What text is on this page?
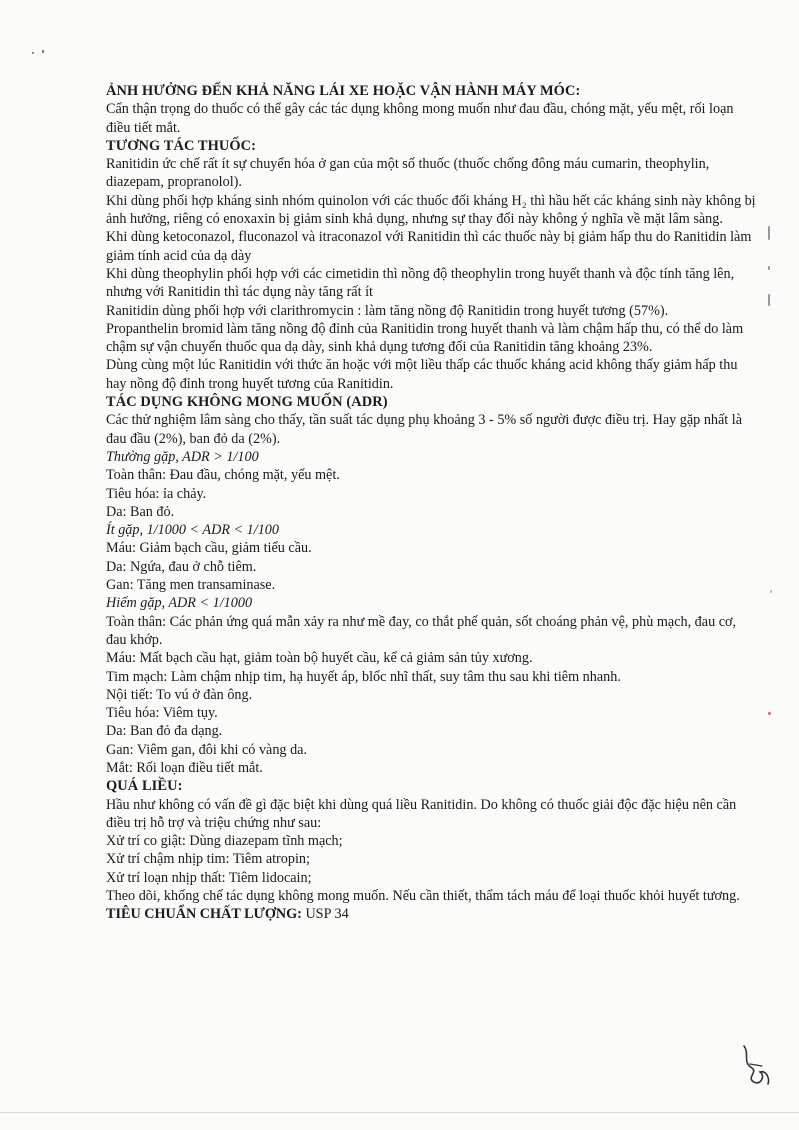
ẢNH HƯỞNG ĐẾN KHẢ NĂNG LÁI XE HOẶC VẬN HÀNH MÁY MÓC:

Cẩn thận trọng do thuốc có thể gây các tác dụng không mong muốn như đau đầu, chóng mặt, yếu mệt, rối loạn điều tiết mắt.

TƯƠNG TÁC THUỐC:

Ranitidin ức chế rất ít sự chuyển hóa ở gan của một số thuốc (thuốc chống đông máu cumarin, theophylin, diazepam, propranolol).

Khi dùng phối hợp kháng sinh nhóm quinolon với các thuốc đối kháng H₂ thì hầu hết các kháng sinh này không bị ảnh hưởng, riêng có enoxaxin bị giảm sinh khả dụng, nhưng sự thay đổi này không ý nghĩa về mặt lâm sàng.

Khi dùng ketoconazol, fluconazol và itraconazol với Ranitidin thì các thuốc này bị giảm hấp thu do Ranitidin làm giảm tính acid của dạ dày

Khi dùng theophylin phối hợp với các cimetidin thì nồng độ theophylin trong huyết thanh và độc tính tăng lên, nhưng với Ranitidin thì tác dụng này tăng rất ít

Ranitidin dùng phối hợp với clarithromycin : làm tăng nồng độ Ranitidin trong huyết tương (57%).

Propanthelin bromid làm tăng nồng độ đỉnh của Ranitidin trong huyết thanh và làm chậm hấp thu, có thể do làm chậm sự vận chuyển thuốc qua dạ dày, sinh khả dụng tương đối của Ranitidin tăng khoảng 23%.

Dùng cùng một lúc Ranitidin với thức ăn hoặc với một liều thấp các thuốc kháng acid không thấy giảm hấp thu hay nồng độ đỉnh trong huyết tương của Ranitidin.

TÁC DỤNG KHÔNG MONG MUỐN (ADR)

Các thử nghiệm lâm sàng cho thấy, tần suất tác dụng phụ khoảng 3 - 5% số người được điều trị. Hay gặp nhất là đau đầu (2%), ban đỏ da (2%).

Thường gặp, ADR > 1/100

Toàn thân: Đau đầu, chóng mặt, yếu mệt.

Tiêu hóa: ỉa chảy.

Da: Ban đỏ.

Ít gặp, 1/1000 < ADR < 1/100

Máu: Giảm bạch cầu, giảm tiểu cầu.

Da: Ngứa, đau ở chỗ tiêm.

Gan: Tăng men transaminase.

Hiếm gặp, ADR < 1/1000

Toàn thân: Các phản ứng quá mẫn xảy ra như mề đay, co thắt phế quản, sốt choáng phản vệ, phù mạch, đau cơ, đau khớp.

Máu: Mất bạch cầu hạt, giảm toàn bộ huyết cầu, kể cả giảm sản tủy xương.

Tim mạch: Làm chậm nhịp tim, hạ huyết áp, blốc nhĩ thất, suy tâm thu sau khi tiêm nhanh.

Nội tiết: To vú ở đàn ông.

Tiêu hóa: Viêm tụy.

Da: Ban đỏ đa dạng.

Gan: Viêm gan, đôi khi có vàng da.

Mắt: Rối loạn điều tiết mắt.

QUÁ LIỀU:

Hầu như không có vấn đề gì đặc biệt khi dùng quá liều Ranitidin. Do không có thuốc giải độc đặc hiệu nên cần điều trị hỗ trợ và triệu chứng như sau:

Xử trí co giật: Dùng diazepam tĩnh mạch;

Xử trí chậm nhịp tim: Tiêm atropin;

Xử trí loạn nhịp thất: Tiêm lidocain;

Theo dõi, khống chế tác dụng không mong muốn. Nếu cần thiết, thẩm tách máu để loại thuốc khỏi huyết tương.

TIÊU CHUẨN CHẤT LƯỢNG: USP 34
